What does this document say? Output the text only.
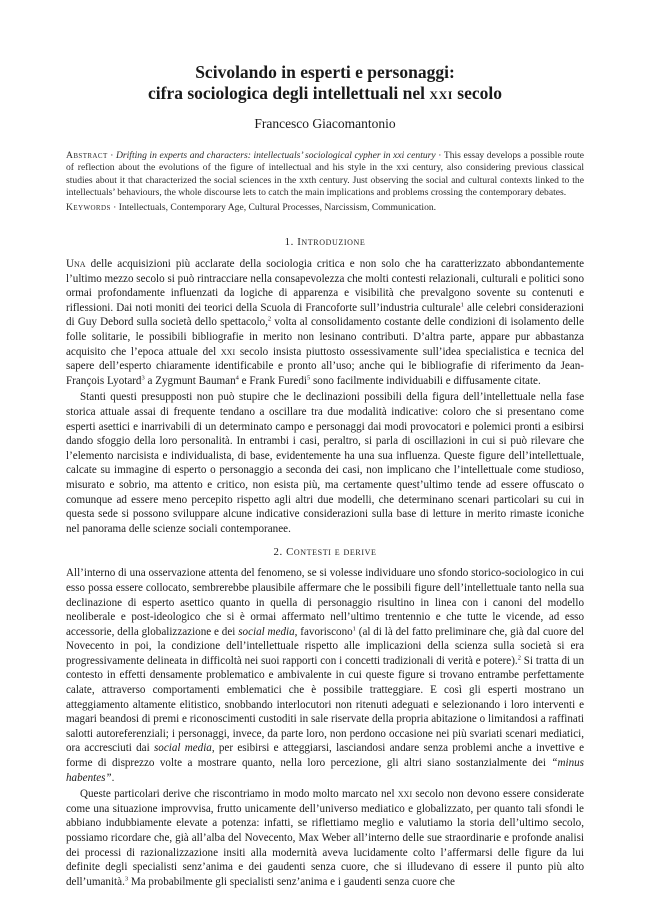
Scivolando in esperti e personaggi:
cifra sociologica degli intellettuali nel xxi secolo
Francesco Giacomantonio
Abstract · Drifting in experts and characters: intellectuals’ sociological cypher in xxi century · This essay develops a possible route of reflection about the evolutions of the figure of intellectual and his style in the xxi century, also considering previous classical studies about it that characterized the social sciences in the xxth century. Just observing the social and cultural contexts linked to the intellectuals’ behaviours, the whole discourse lets to catch the main implications and problems crossing the contemporary debates.
Keywords · Intellectuals, Contemporary Age, Cultural Processes, Narcissism, Communication.
1. Introduzione

Una delle acquisizioni più acclarate della sociologia critica e non solo che ha caratterizzato abbondantemente l’ultimo mezzo secolo si può rintracciare nella consapevolezza che molti contesti relazionali, culturali e politici sono ormai profondamente influenzati da logiche di apparenza e visibilità che prevalgono sovente su contenuti e riflessioni. Dai noti moniti dei teorici della Scuola di Francoforte sull’industria culturale$^1$ alle celebri considerazioni di Guy Debord sulla società dello spettacolo,$^2$ volta al consolidamento costante delle condizioni di isolamento delle folle solitarie, le possibili bibliografie in merito non lesinano contributi. D’altra parte, appare pur abbastanza acquisito che l’epoca attuale del xxi secolo insista piuttosto ossessivamente sull’idea specialistica e tecnica del sapere dell’esperto chiaramente identificabile e pronto all’uso; anche qui le bibliografie di riferimento da Jean-François Lyotard$^3$ a Zygmunt Bauman$^4$ e Frank Furedi$^5$ sono facilmente individuabili e diffusamente citate.

Stanti questi presupposti non può stupire che le declinazioni possibili della figura dell’intellettuale nella fase storica attuale assai di frequente tendano a oscillare tra due modalità indicative: coloro che si presentano come esperti asettici e inarrivabili di un determinato campo e personaggi dai modi provocatori e polemici pronti a esibirsi dando sfoggio della loro personalità. In entrambi i casi, peraltro, si parla di oscillazioni in cui si può rilevare che l’elemento narcisista e individualista, di base, evidentemente ha una sua influenza. Queste figure dell’intellettuale, calcate su immagine di esperto o personaggio a seconda dei casi, non implicano che l’intellettuale come studioso, misurato e sobrio, ma attento e critico, non esista più, ma certamente quest’ultimo tende ad essere offuscato o comunque ad essere meno percepito rispetto agli altri due modelli, che determinano scenari particolari su cui in questa sede si possono sviluppare alcune indicative considerazioni sulla base di letture in merito rimaste iconiche nel panorama delle scienze sociali contemporanee.

2. Contesti e derive

All’interno di una osservazione attenta del fenomeno, se si volesse individuare uno sfondo storico-sociologico in cui esso possa essere collocato, sembrerebbe plausibile affermare che le possibili figure dell’intellettuale tanto nella sua declinazione di esperto asettico quanto in quella di personaggio risultino in linea con i canoni del modello neoliberale e post-ideologico che si è ormai affermato nell’ultimo trentennio e che tutte le vicende, ad esso accessorie, della globalizzazione e dei social media, favoriscono$^1$ (al di là del fatto preliminare che, già dal cuore del Novecento in poi, la condizione dell’intellettuale rispetto alle implicazioni della scienza sulla società si era progressivamente delineata in difficoltà nei suoi rapporti con i concetti tradizionali di verità e potere).$^2$ Si tratta di un contesto in effetti densamente problematico e ambivalente in cui queste figure si trovano entrambe perfettamente calate, attraverso comportamenti emblematici che è possibile tratteggiare. E così gli esperti mostrano un atteggiamento altamente elitistico, snobbando interlocutori non ritenuti adeguati e selezionando i loro interventi e magari beandosi di premi e riconoscimenti custoditi in sale riservate della propria abitazione o limitandosi a raffinati salotti autoreferenziali; i personaggi, invece, da parte loro, non perdono occasione nei più svariati scenari mediatici, ora accresciuti dai social media, per esibirsi e atteggiarsi, lasciandosi andare senza problemi anche a invettive e forme di disprezzo volte a mostrare quanto, nella loro percezione, gli altri siano sostanzialmente dei “minus habentes”.

Queste particolari derive che riscontriamo in modo molto marcato nel xxi secolo non devono essere considerate come una situazione improvvisa, frutto unicamente dell’universo mediatico e globalizzato, per quanto tali sfondi le abbiano indubbiamente elevate a potenza: infatti, se riflettiamo meglio e valutiamo la storia dell’ultimo secolo, possiamo ricordare che, già all’alba del Novecento, Max Weber all’interno delle sue straordinarie e profonde analisi dei processi di razionalizzazione insiti alla modernità aveva lucidamente colto l’affermarsi delle figure da lui definite degli specialisti senz’anima e dei gaudenti senza cuore, che si illudevano di essere il punto più alto dell’umanità.$^3$ Ma probabilmente gli specialisti senz’anima e i gaudenti senza cuore che
